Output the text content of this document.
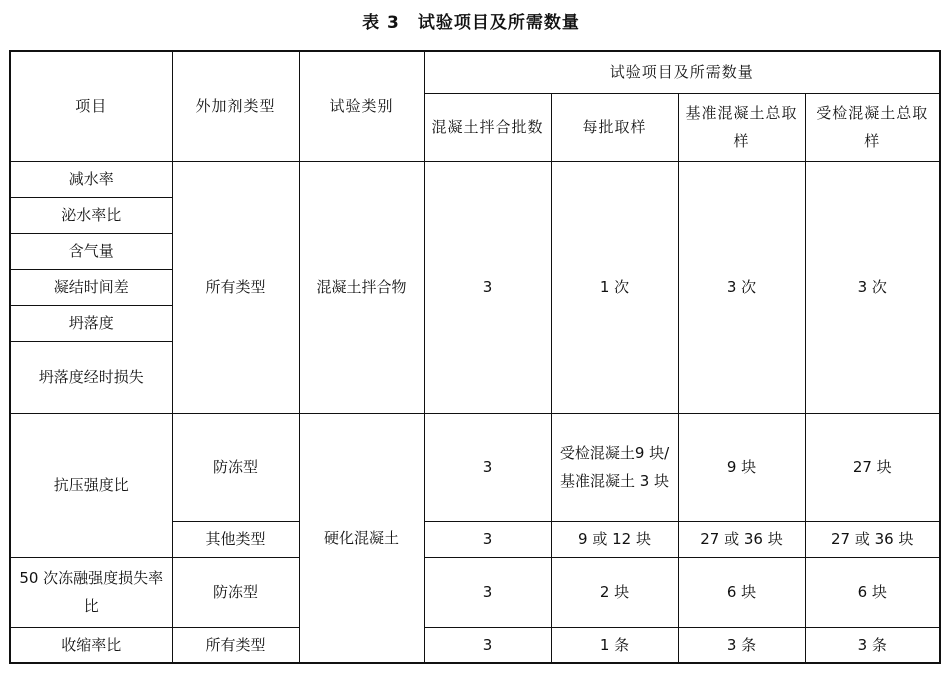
表 3 试验项目及所需数量
项目	外加剂类型	试验类别	试验项目及所需数量			
			混凝土拌合批数	每批取样	基准混凝土总取样	受检混凝土总取样
减水率	所有类型	混凝土拌合物	3	1 次	3 次	3 次
泌水率比						
含气量						
凝结时间差						
坍落度						
坍落度经时损失						
抗压强度比	防冻型	硬化混凝土	3	受检混凝土9 块/基准混凝土 3 块	9 块	27 块
	其他类型		3	9 或 12 块	27 或 36 块	27 或 36 块
50 次冻融强度损失率比	防冻型		3	2 块	6 块	6 块
收缩率比	所有类型		3	1 条	3 条	3 条
